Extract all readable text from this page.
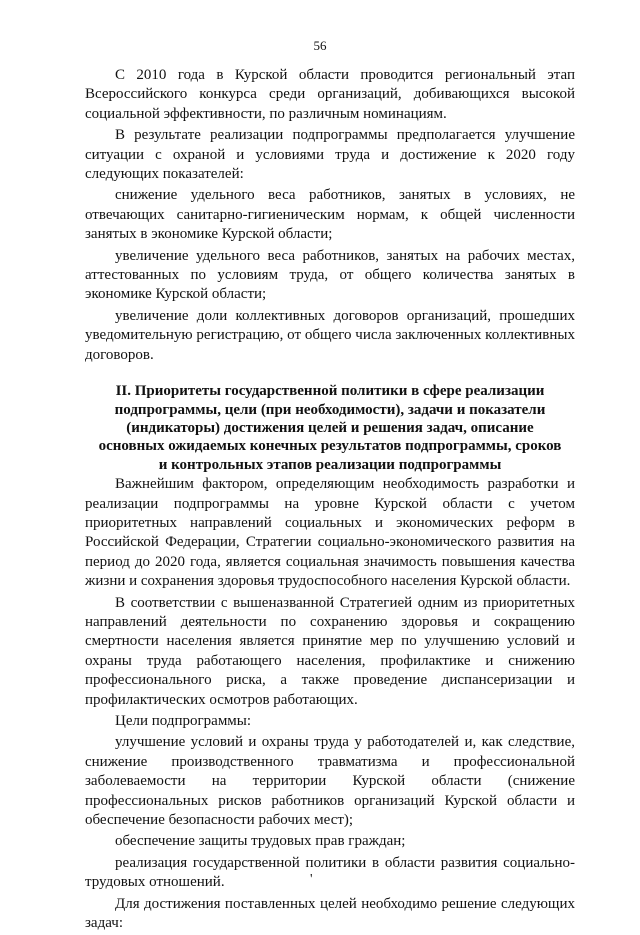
56

С 2010 года в Курской области проводится региональный этап Всероссийского конкурса среди организаций, добивающихся высокой социальной эффективности, по различным номинациям.

В результате реализации подпрограммы предполагается улучшение ситуации с охраной и условиями труда и достижение к 2020 году следующих показателей:

снижение удельного веса работников, занятых в условиях, не отвечающих санитарно-гигиеническим нормам, к общей численности занятых в экономике Курской области;

увеличение удельного веса работников, занятых на рабочих местах, аттестованных по условиям труда, от общего количества занятых в экономике Курской области;

увеличение доли коллективных договоров организаций, прошедших уведомительную регистрацию, от общего числа заключенных коллективных договоров.

II. Приоритеты государственной политики в сфере реализации подпрограммы, цели (при необходимости), задачи и показатели (индикаторы) достижения целей и решения задач, описание основных ожидаемых конечных результатов подпрограммы, сроков и контрольных этапов реализации подпрограммы

Важнейшим фактором, определяющим необходимость разработки и реализации подпрограммы на уровне Курской области с учетом приоритетных направлений социальных и экономических реформ в Российской Федерации, Стратегии социально-экономического развития на период до 2020 года, является социальная значимость повышения качества жизни и сохранения здоровья трудоспособного населения Курской области.

В соответствии с вышеназванной Стратегией одним из приоритетных направлений деятельности по сохранению здоровья и сокращению смертности населения является принятие мер по улучшению условий и охраны труда работающего населения, профилактике и снижению профессионального риска, а также проведение диспансеризации и профилактических осмотров работающих.

Цели подпрограммы:

улучшение условий и охраны труда у работодателей и, как следствие, снижение производственного травматизма и профессиональной заболеваемости на территории Курской области (снижение профессиональных рисков работников организаций Курской области и обеспечение безопасности рабочих мест);

обеспечение защиты трудовых прав граждан;

реализация государственной политики в области развития социально-трудовых отношений.

Для достижения поставленных целей необходимо решение следующих задач:

'
